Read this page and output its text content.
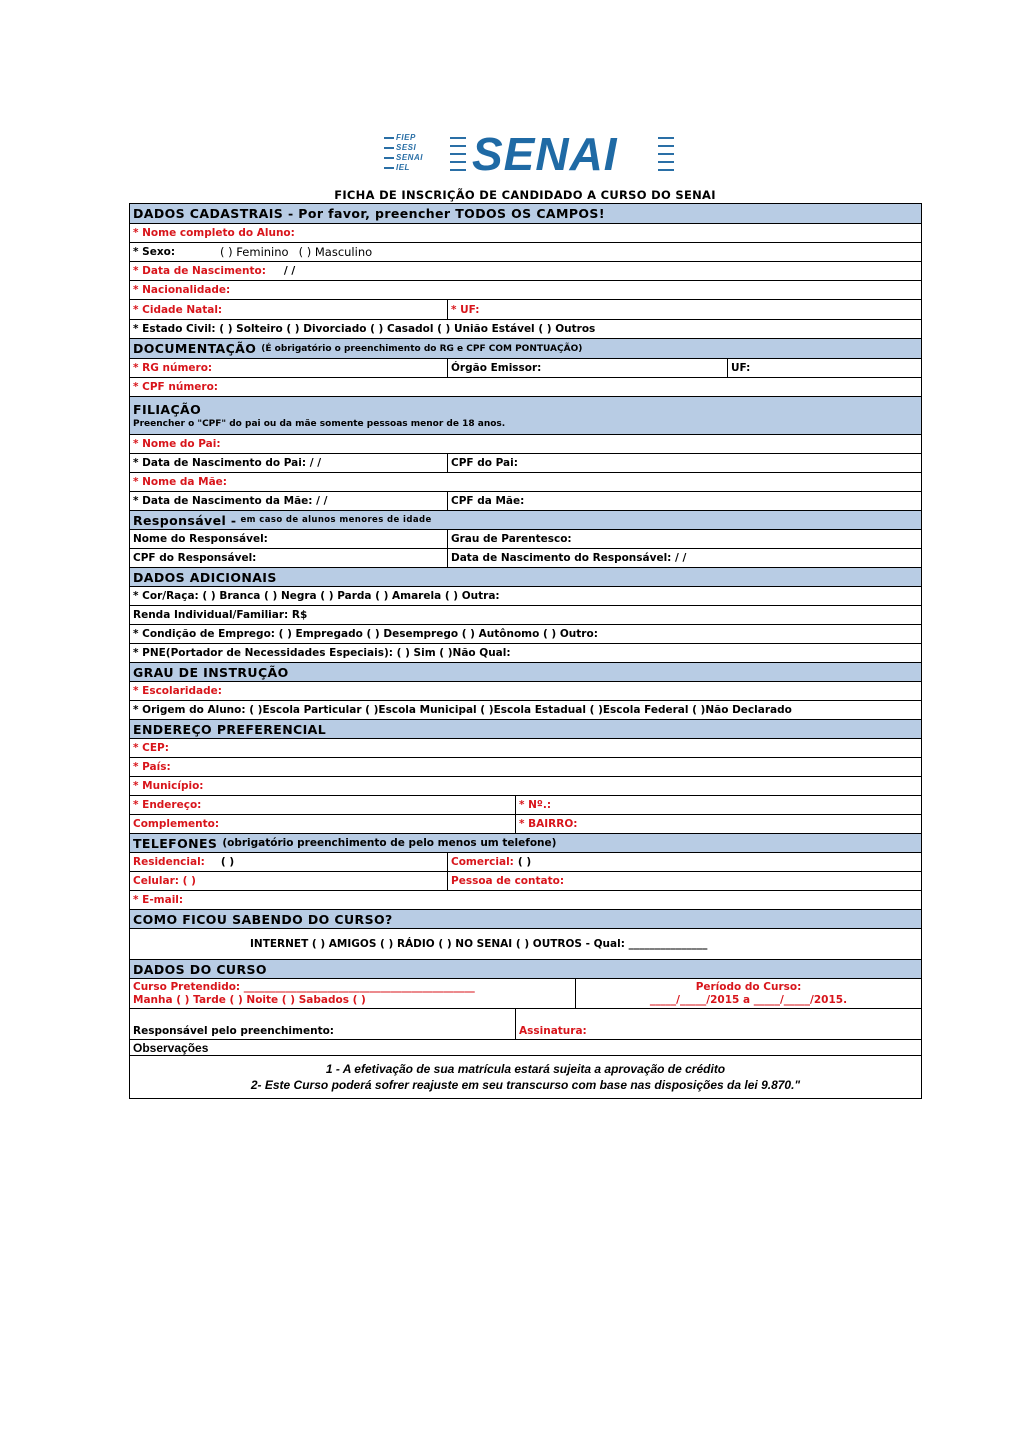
FIEP
SESI
SENAI
IEL SENAI
FICHA DE INSCRIÇÃO DE CANDIDADO A CURSO DO SENAI
DADOS CADASTRAIS - Por favor, preencher TODOS OS CAMPOS!
* Nome completo do Aluno:
* Sexo:	( ) Feminino ( ) Masculino
* Data de Nascimento: / /
* Nacionalidade:
* Cidade Natal:	* UF:
* Estado Civil: ( ) Solteiro ( ) Divorciado ( ) Casadol ( ) União Estável ( ) Outros
DOCUMENTAÇÃO (É obrigatório o preenchimento do RG e CPF COM PONTUAÇÃO)
* RG número:	Órgão Emissor:	UF:
* CPF número:
FILIAÇÃO
Preencher o "CPF" do pai ou da mãe somente pessoas menor de 18 anos.
* Nome do Pai:
* Data de Nascimento do Pai: / /	CPF do Pai:
* Nome da Mãe:
* Data de Nascimento da Mãe: / /	CPF da Mãe:
Responsável - em caso de alunos menores de idade
Nome do Responsável:	Grau de Parentesco:
CPF do Responsável:	Data de Nascimento do Responsável: / /
DADOS ADICIONAIS
* Cor/Raça: ( ) Branca ( ) Negra ( ) Parda ( ) Amarela ( ) Outra:
Renda Individual/Familiar: R$
* Condição de Emprego: ( ) Empregado ( ) Desemprego ( ) Autônomo ( ) Outro:
* PNE(Portador de Necessidades Especiais): ( ) Sim ( )Não Qual:
GRAU DE INSTRUÇÃO
* Escolaridade:
* Origem do Aluno: ( )Escola Particular ( )Escola Municipal ( )Escola Estadual ( )Escola Federal ( )Não Declarado
ENDEREÇO PREFERENCIAL
* CEP:
* País:
* Município:
* Endereço:	* Nº.:
Complemento:	* BAIRRO:
TELEFONES (obrigatório preenchimento de pelo menos um telefone)
Residencial: ( )	Comercial: ( )
Celular: ( )	Pessoa de contato:
* E-mail:
COMO FICOU SABENDO DO CURSO?
INTERNET ( ) AMIGOS ( ) RÁDIO ( ) NO SENAI ( ) OUTROS - Qual: _______________
DADOS DO CURSO
Curso Pretendido: ____________________________________________
Manha ( ) Tarde ( ) Noite ( ) Sabados ( )
Período do Curso:
_____/_____/2015 a _____/_____/2015.
Responsável pelo preenchimento:	Assinatura:
Observações
1 - A efetivação de sua matrícula estará sujeita a aprovação de crédito
2- Este Curso poderá sofrer reajuste em seu transcurso com base nas disposições da lei 9.870."
